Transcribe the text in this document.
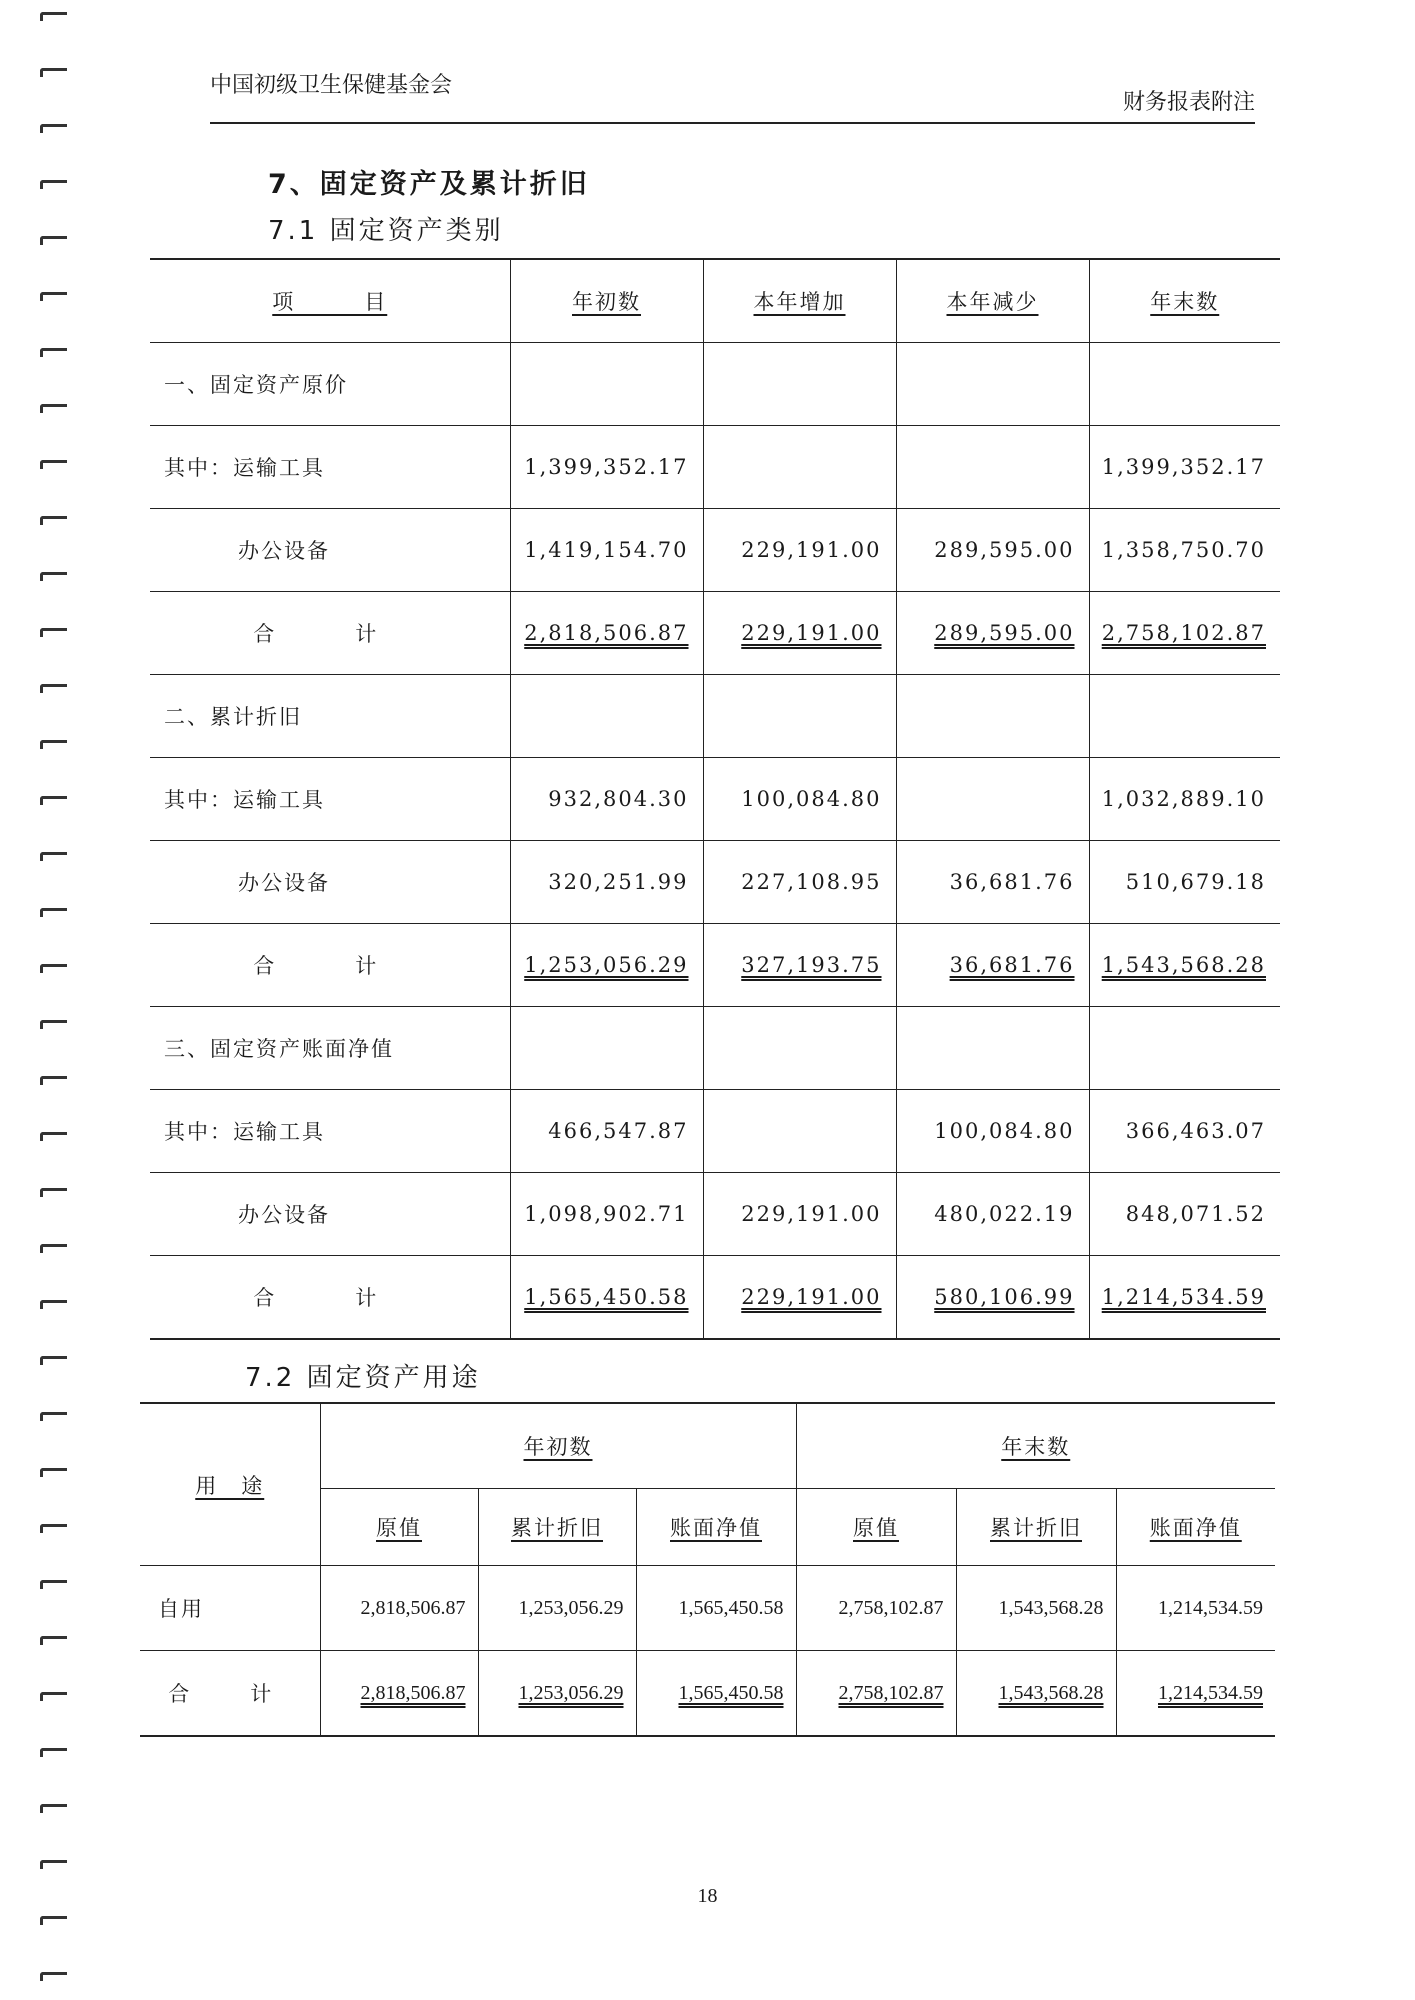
中国初级卫生保健基金会
财务报表附注
7、固定资产及累计折旧
7.1 固定资产类别
项　　　目	年初数	本年增加	本年减少	年末数
一、固定资产原价				
其中：运输工具	1,399,352.17			1,399,352.17
办公设备	1,419,154.70	229,191.00	289,595.00	1,358,750.70
合　计	2,818,506.87	229,191.00	289,595.00	2,758,102.87
二、累计折旧				
其中：运输工具	932,804.30	100,084.80		1,032,889.10
办公设备	320,251.99	227,108.95	36,681.76	510,679.18
合　计	1,253,056.29	327,193.75	36,681.76	1,543,568.28
三、固定资产账面净值				
其中：运输工具	466,547.87		100,084.80	366,463.07
办公设备	1,098,902.71	229,191.00	480,022.19	848,071.52
合　计	1,565,450.58	229,191.00	580,106.99	1,214,534.59
7.2 固定资产用途
用　途	年初数			年末数		
	原值	累计折旧	账面净值	原值	累计折旧	账面净值
自用	2,818,506.87	1,253,056.29	1,565,450.58	2,758,102.87	1,543,568.28	1,214,534.59
合　计	2,818,506.87	1,253,056.29	1,565,450.58	2,758,102.87	1,543,568.28	1,214,534.59
18
